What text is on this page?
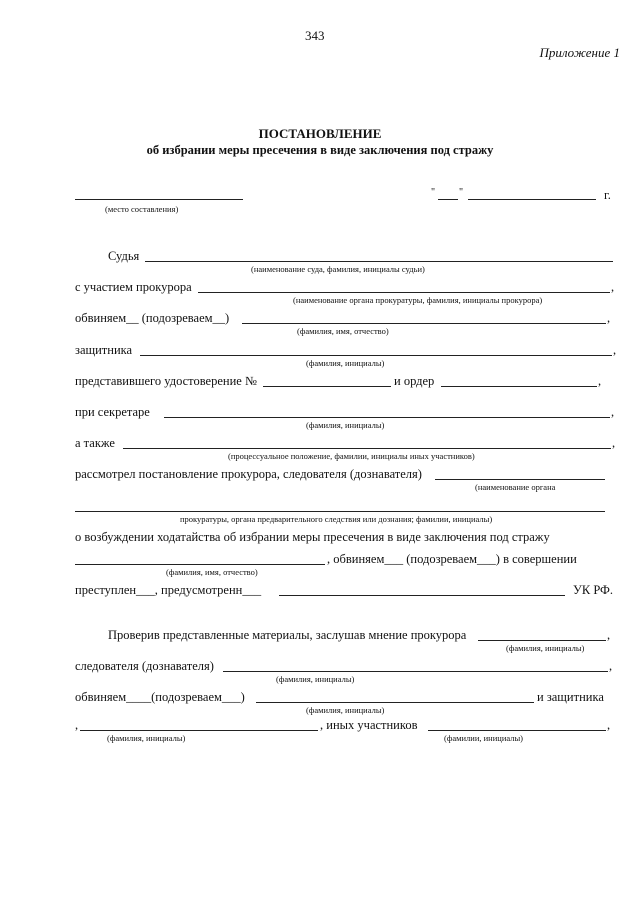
343
Приложение 1
ПОСТАНОВЛЕНИЕ
об избрании меры пресечения в виде заключения под стражу
(место составления)
" "	г.
Судья
(наименование суда, фамилия, инициалы судьи)
с участием прокурора	,
(наименование органа прокуратуры, фамилия, инициалы прокурора)
обвиняем__ (подозреваем__)	,
(фамилия, имя, отчество)
защитника	,
(фамилия, инициалы)
представившего удостоверение №	и ордер	,
при секретаре	,
(фамилия, инициалы)
а также	,
(процессуальное положение, фамилии, инициалы иных участников)
рассмотрел постановление прокурора, следователя (дознавателя)
(наименование органа
прокуратуры, органа предварительного следствия или дознания; фамилии, инициалы)
о возбуждении ходатайства об избрании меры пресечения в виде заключения под стражу
, обвиняем___ (подозреваем___) в совершении
(фамилия, имя, отчество)
преступлен___, предусмотренн___	УК РФ.
Проверив представленные материалы, заслушав мнение прокурора	,
(фамилия, инициалы)
следователя (дознавателя)	,
(фамилия, инициалы)
обвиняем____(подозреваем___)	и защитника
(фамилия, инициалы)
,	, иных участников	,
(фамилия, инициалы)	(фамилии, инициалы)
